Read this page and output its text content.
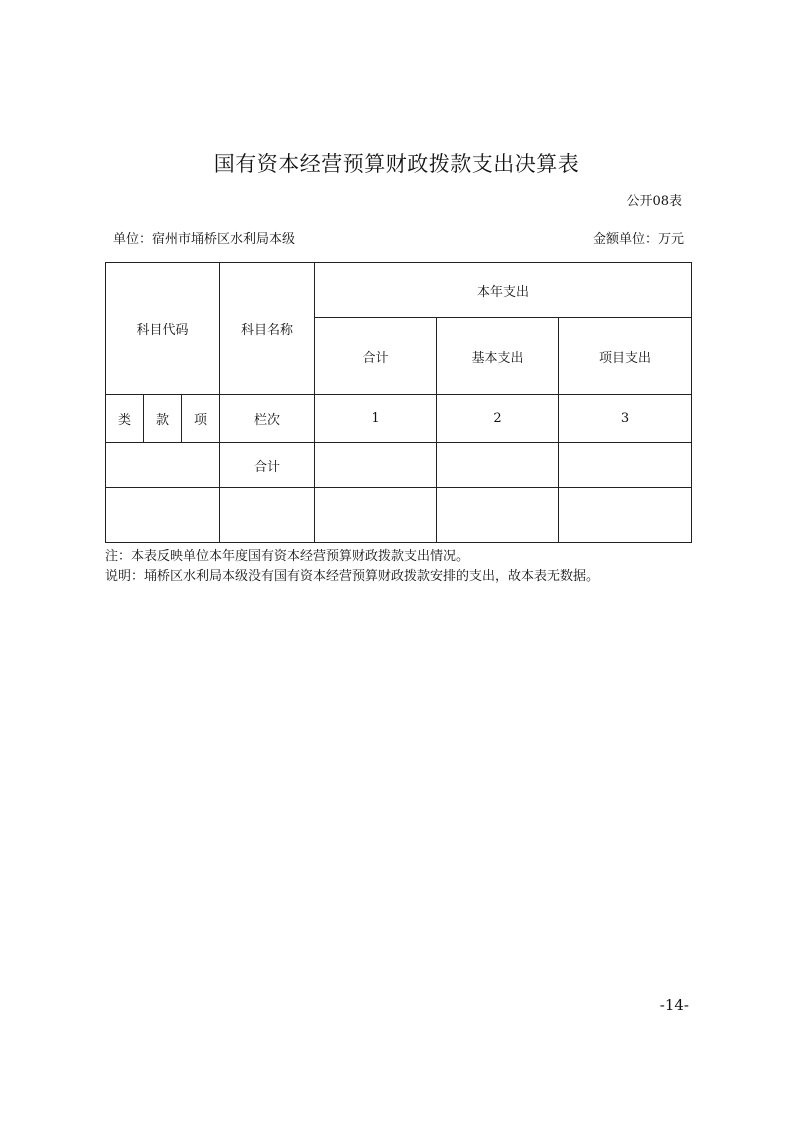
国有资本经营预算财政拨款支出决算表
公开08表
单位：宿州市埇桥区水利局本级	金额单位：万元
科目代码			科目名称	本年支出		
				合计	基本支出	项目支出
类	款	项	栏次	1	2	3
			合计			

注：本表反映单位本年度国有资本经营预算财政拨款支出情况。
说明：埇桥区水利局本级没有国有资本经营预算财政拨款安排的支出，故本表无数据。
-14-
